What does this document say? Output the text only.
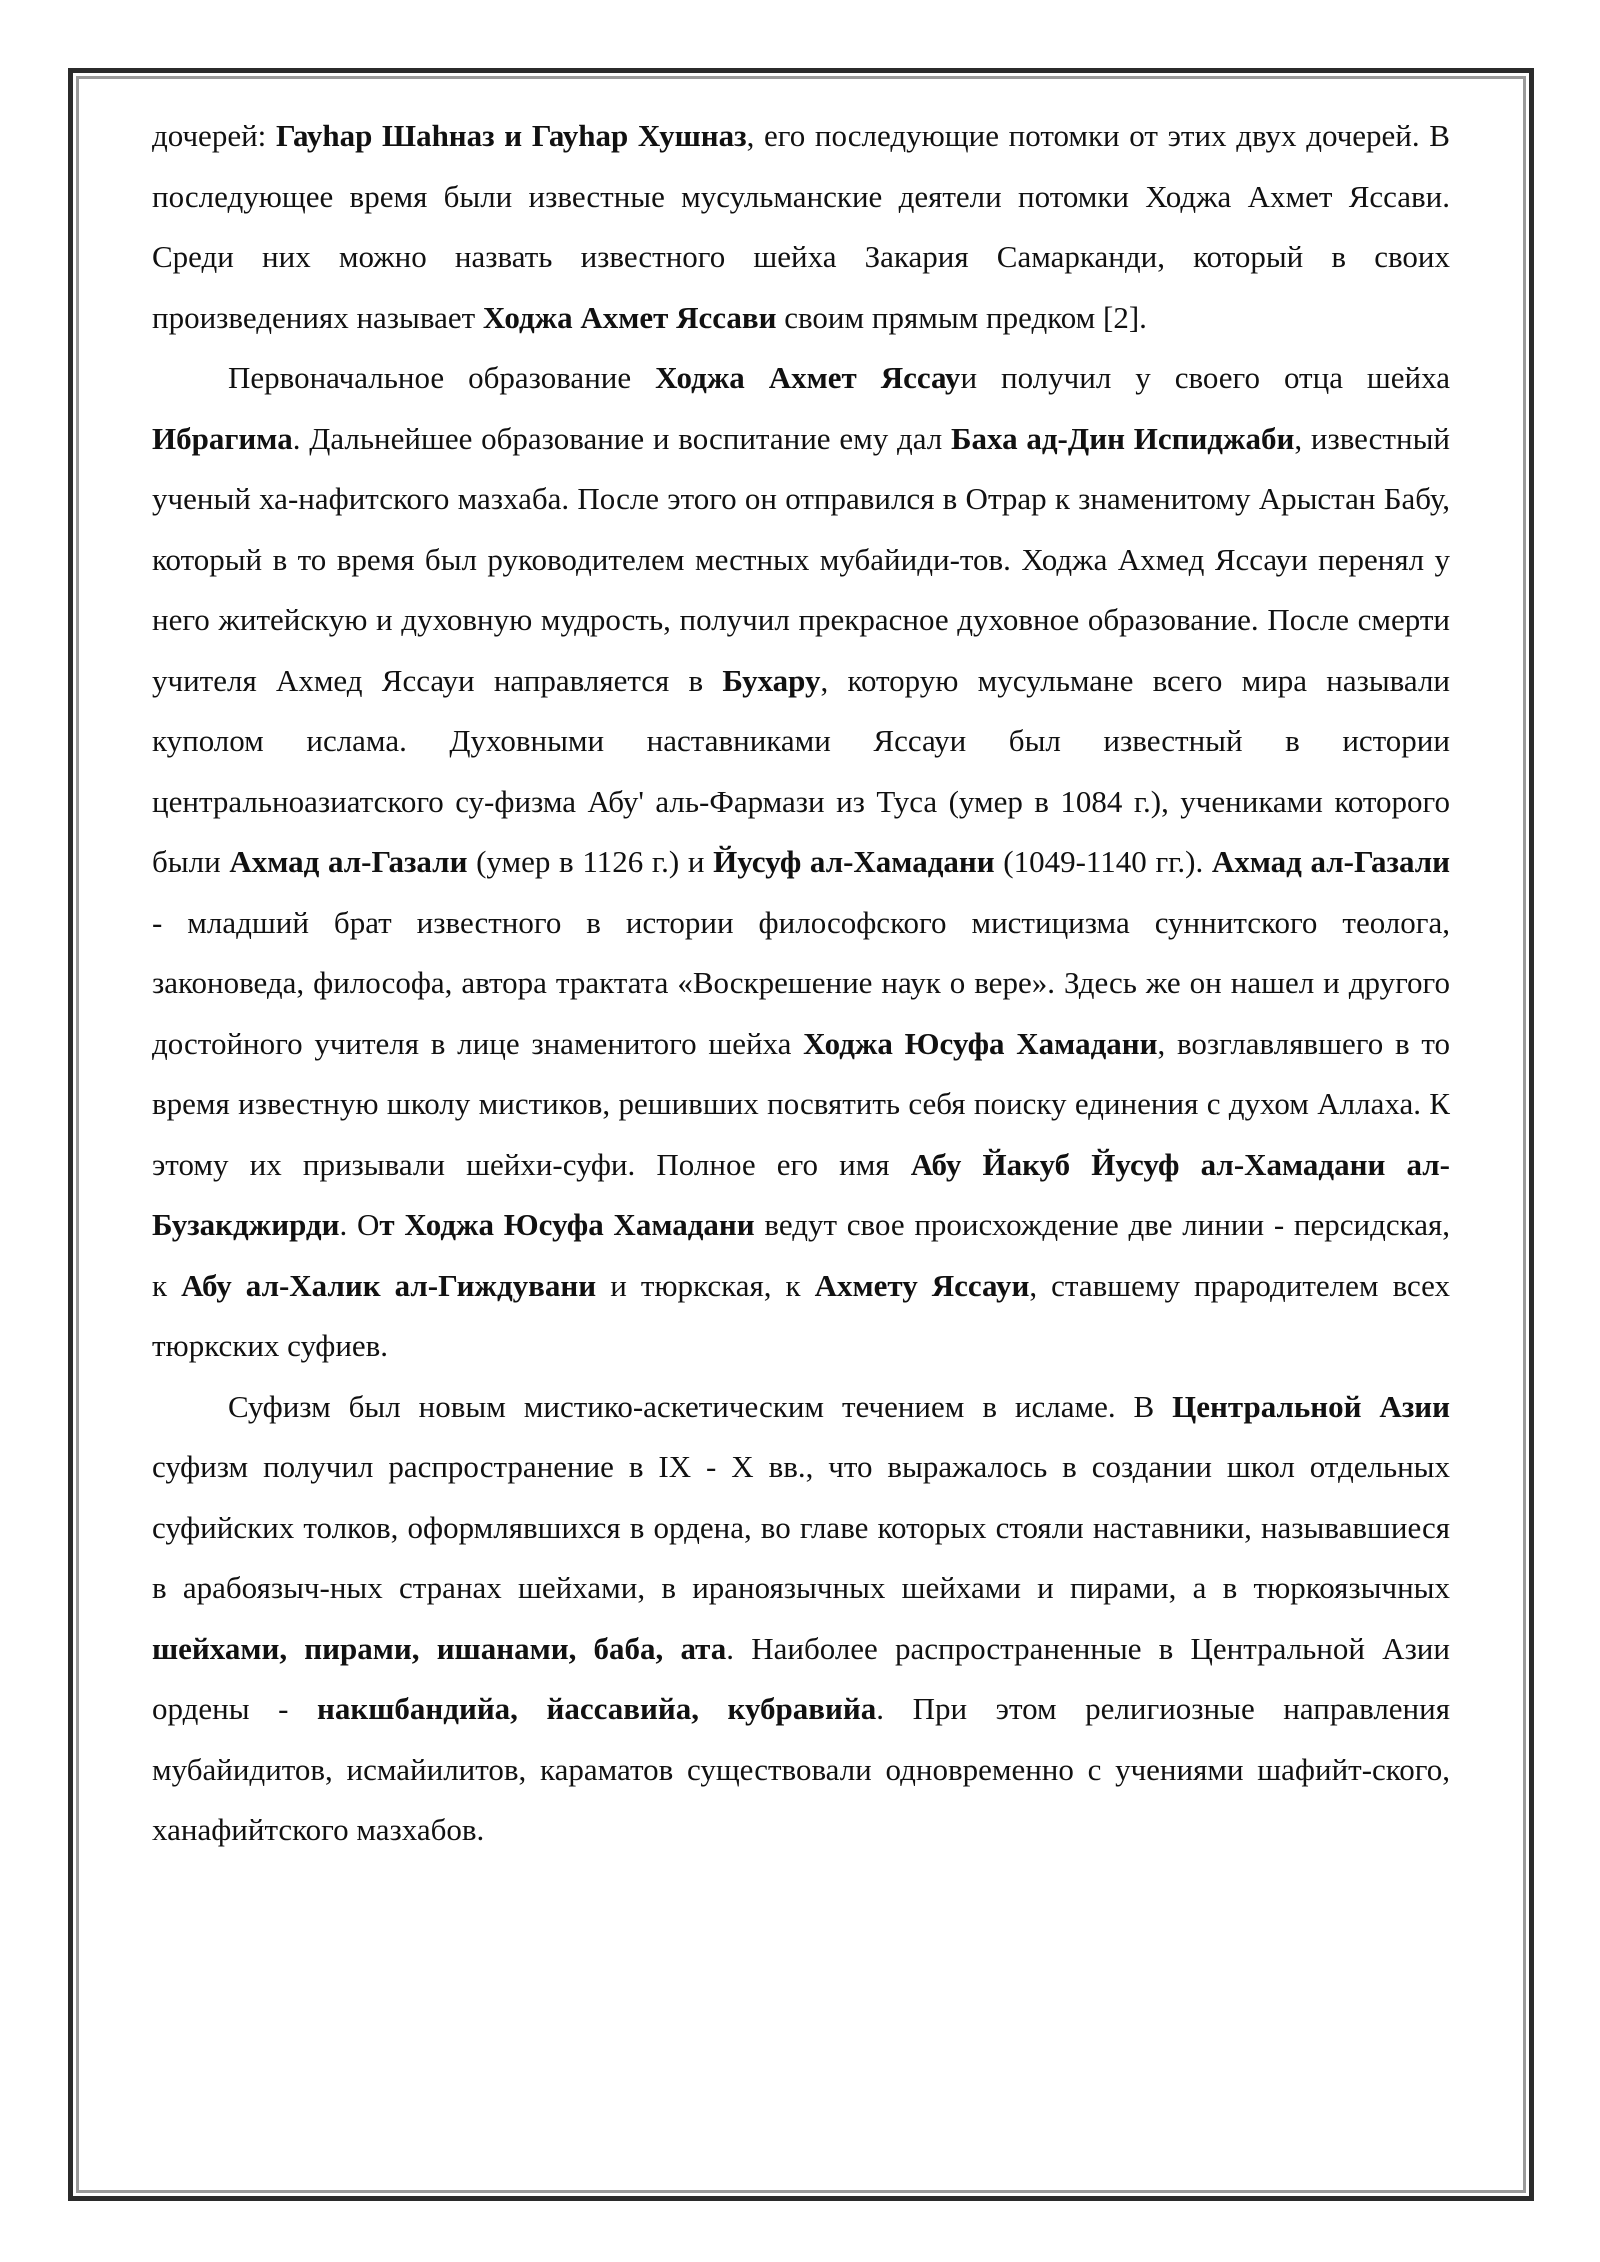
дочерей: Гауһар Шаһназ и Гауһар Хушназ, его последующие потомки от этих двух дочерей. В последующее время были известные мусульманские деятели потомки Ходжа Ахмет Яссави. Среди них можно назвать известного шейха Закария Самарканди, который в своих произведениях называет Ходжа Ахмет Яссави своим прямым предком [2].

Первоначальное образование Ходжа Ахмет Яссауи получил у своего отца шейха Ибрагима. Дальнейшее образование и воспитание ему дал Баха ад-Дин Испиджаби, известный ученый ха-нафитского мазхаба. После этого он отправился в Отрар к знаменитому Арыстан Бабу, который в то время был руководителем местных мубайиди-тов. Ходжа Ахмед Яссауи перенял у него житейскую и духовную мудрость, получил прекрасное духовное образование. После смерти учителя Ахмед Яссауи направляется в Бухару, которую мусульмане всего мира называли куполом ислама. Духовными наставниками Яссауи был известный в истории центральноазиатского су-физма Абу' аль-Фармази из Туса (умер в 1084 г.), учениками которого были Ахмад ал-Газали (умер в 1126 г.) и Йусуф ал-Хамадани (1049-1140 гг.). Ахмад ал-Газали - младший брат известного в истории философского мистицизма суннитского теолога, законоведа, философа, автора трактата «Воскрешение наук о вере». Здесь же он нашел и другого достойного учителя в лице знаменитого шейха Ходжа Юсуфа Хамадани, возглавлявшего в то время известную школу мистиков, решивших посвятить себя поиску единения с духом Аллаха. К этому их призывали шейхи-суфи. Полное его имя Абу Йакуб Йусуф ал-Хамадани ал-Бузакджирди. От Ходжа Юсуфа Хамадани ведут свое происхождение две линии - персидская, к Абу ал-Халик ал-Гиждувани и тюркская, к Ахмету Яссауи, ставшему прародителем всех тюркских суфиев.

Суфизм был новым мистико-аскетическим течением в исламе. В Центральной Азии суфизм получил распространение в IX - X вв., что выражалось в создании школ отдельных суфийских толков, оформлявшихся в ордена, во главе которых стояли наставники, называвшиеся в арабоязыч-ных странах шейхами, в ираноязычных шейхами и пирами, а в тюркоязычных шейхами, пирами, ишанами, баба, ата. Наиболее распространенные в Центральной Азии ордены - накшбандийа, йассавийа, кубравийа. При этом религиозные направления мубайидитов, исмайилитов, караматов существовали одновременно с учениями шафийт-ского, ханафийтского мазхабов.
